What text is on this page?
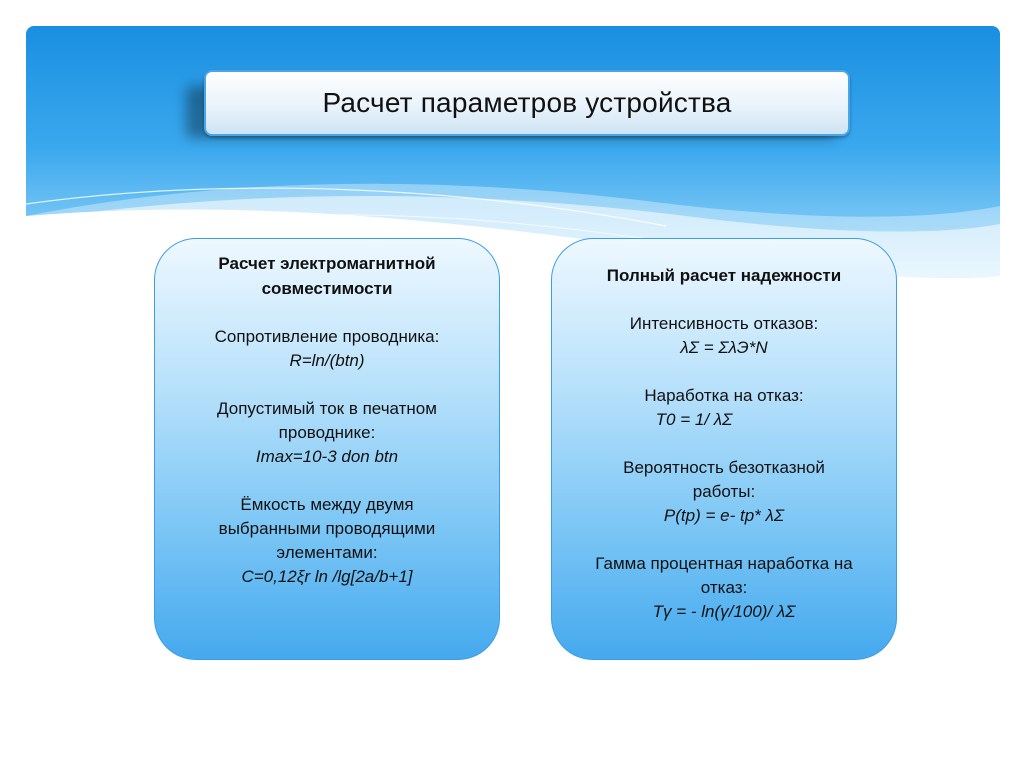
Расчет параметров устройства
Расчет электромагнитной
совместимости
Сопротивление проводника:
R=ln/(btn)
Допустимый ток в печатном
проводнике:
Imax=10-3 don btn
Ёмкость между двумя
выбранными проводящими
элементами:
C=0,12ξr ln /lg[2a/b+1]
Полный расчет надежности
Интенсивность отказов:
λΣ = ΣλЭ*N
Наработка на отказ:
T0 = 1/ λΣ
Вероятность безотказной
работы:
P(tp) = e- tp* λΣ
Гамма процентная наработка на
отказ:
Tγ = - ln(γ/100)/ λΣ
